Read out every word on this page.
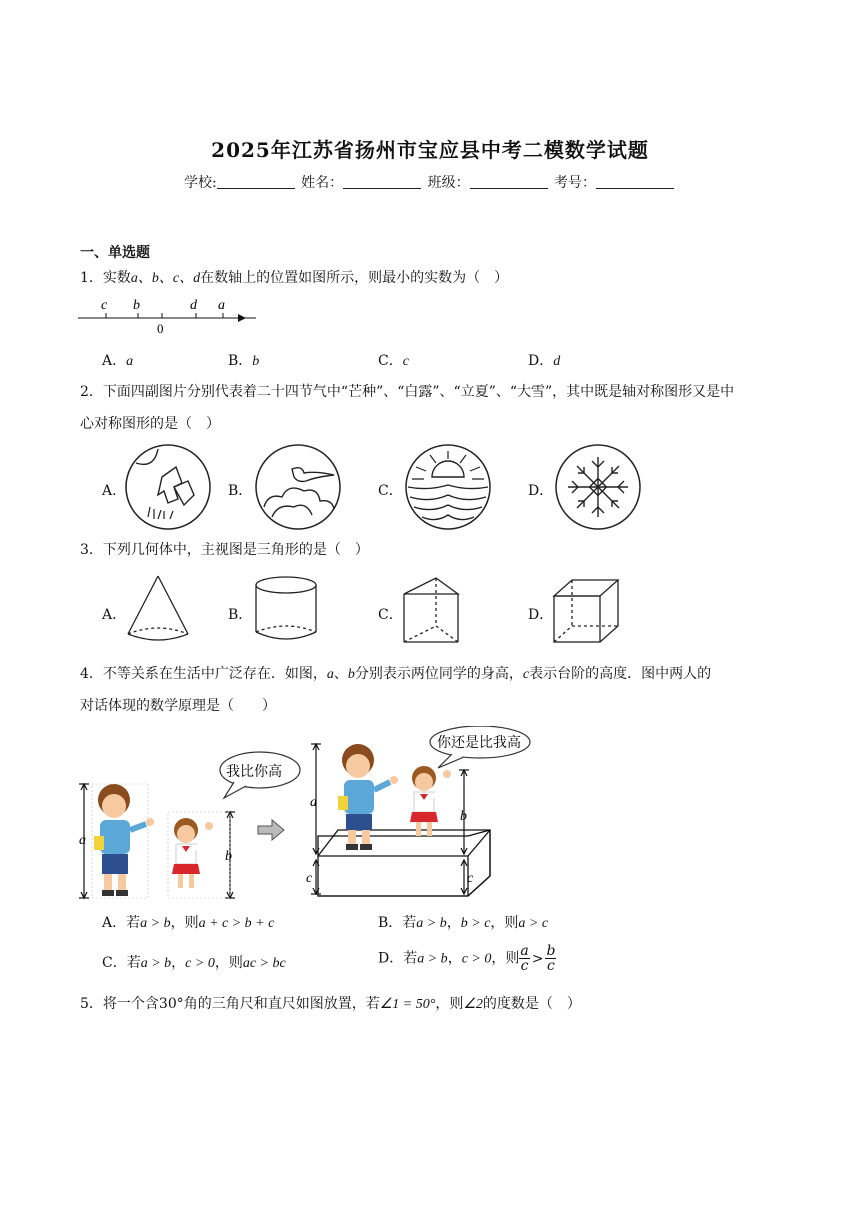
2025年江苏省扬州市宝应县中考二模数学试题
学校:	姓名：	班级：	考号：
一、单选题
1．实数a、b、c、d在数轴上的位置如图所示，则最小的实数为（　）
c b	d a
0
A．a	B．b	C．c	D．d
2．下面四副图片分别代表着二十四节气中“芒种”、“白露”、“立夏”、“大雪”，其中既是轴对称图形又是中
心对称图形的是（　）
A．	B．	C．	D．
3．下列几何体中，主视图是三角形的是（　）
A．	B．	C．	D．
4．不等关系在生活中广泛存在．如图，a、b分别表示两位同学的身高，c表示台阶的高度．图中两人的
对话体现的数学原理是（　　）
我比你高
a
b
你还是比我高
a
b
c	c
A．若a > b，则a + c > b + c	B．若a > b，b > c，则a > c
C．若a > b，c > 0，则ac > bc	D．若a > b，c > 0，则 $\frac{a}{c} > \frac{b}{c}$
5．将一个含30°角的三角尺和直尺如图放置，若∠1 = 50°，则∠2的度数是（　）
